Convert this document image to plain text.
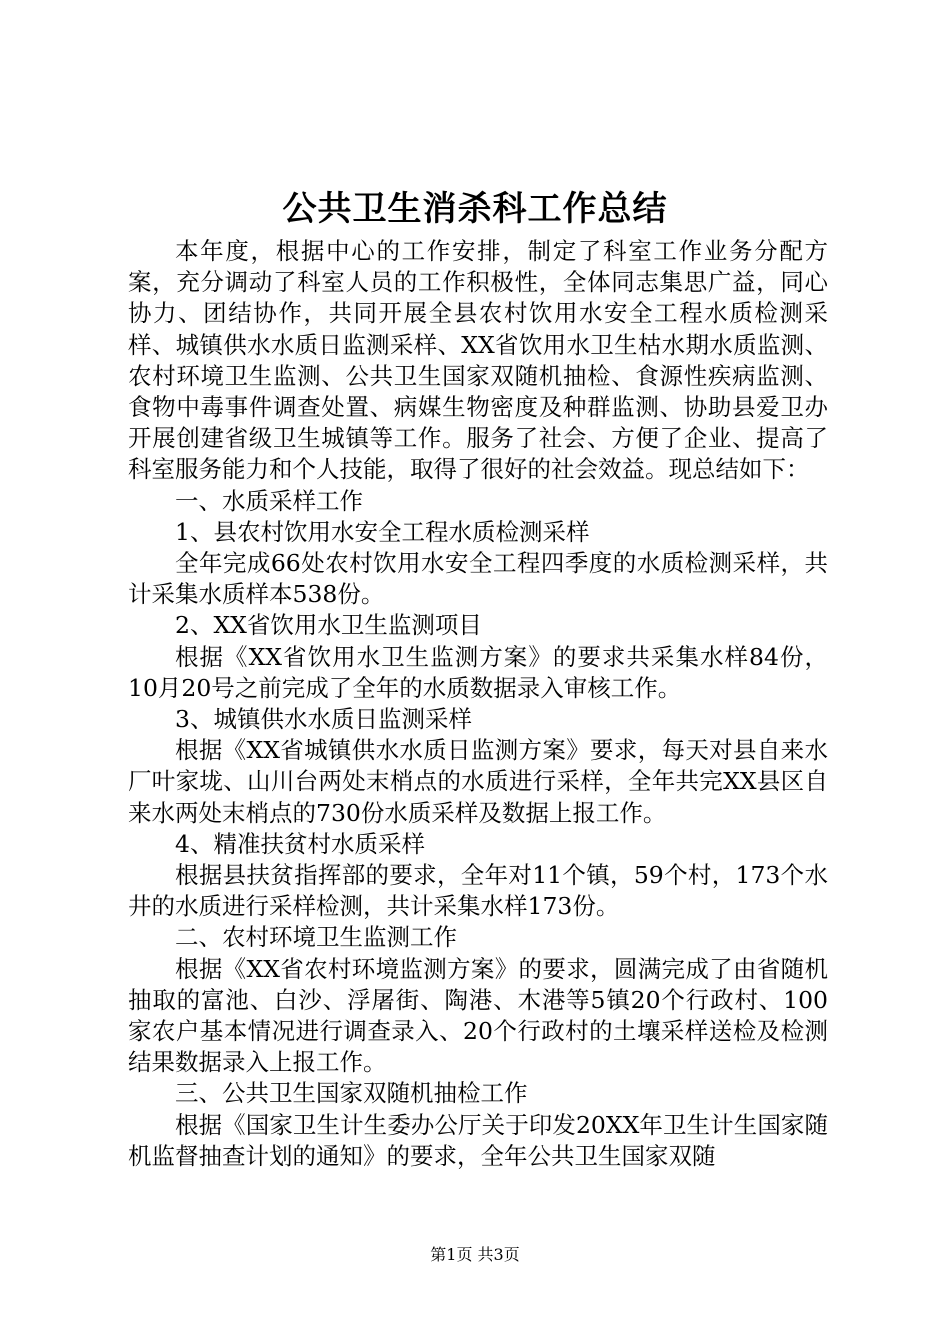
公共卫生消杀科工作总结

本年度，根据中心的工作安排，制定了科室工作业务分配方案，充分调动了科室人员的工作积极性，全体同志集思广益，同心协力、团结协作，共同开展全县农村饮用水安全工程水质检测采样、城镇供水水质日监测采样、XX省饮用水卫生枯水期水质监测、农村环境卫生监测、公共卫生国家双随机抽检、食源性疾病监测、食物中毒事件调查处置、病媒生物密度及种群监测、协助县爱卫办开展创建省级卫生城镇等工作。服务了社会、方便了企业、提高了科室服务能力和个人技能，取得了很好的社会效益。现总结如下：

一、水质采样工作

1、县农村饮用水安全工程水质检测采样

全年完成66处农村饮用水安全工程四季度的水质检测采样，共计采集水质样本538份。

2、XX省饮用水卫生监测项目

根据《XX省饮用水卫生监测方案》的要求共采集水样84份，10月20号之前完成了全年的水质数据录入审核工作。

3、城镇供水水质日监测采样

根据《XX省城镇供水水质日监测方案》要求，每天对县自来水厂叶家垅、山川台两处末梢点的水质进行采样，全年共完XX县区自来水两处末梢点的730份水质采样及数据上报工作。

4、精准扶贫村水质采样

根据县扶贫指挥部的要求，全年对11个镇，59个村，173个水井的水质进行采样检测，共计采集水样173份。

二、农村环境卫生监测工作

根据《XX省农村环境监测方案》的要求，圆满完成了由省随机抽取的富池、白沙、浮屠街、陶港、木港等5镇20个行政村、100家农户基本情况进行调查录入、20个行政村的土壤采样送检及检测结果数据录入上报工作。

三、公共卫生国家双随机抽检工作

根据《国家卫生计生委办公厅关于印发20XX年卫生计生国家随机监督抽查计划的通知》的要求，全年公共卫生国家双随

第1页 共3页
